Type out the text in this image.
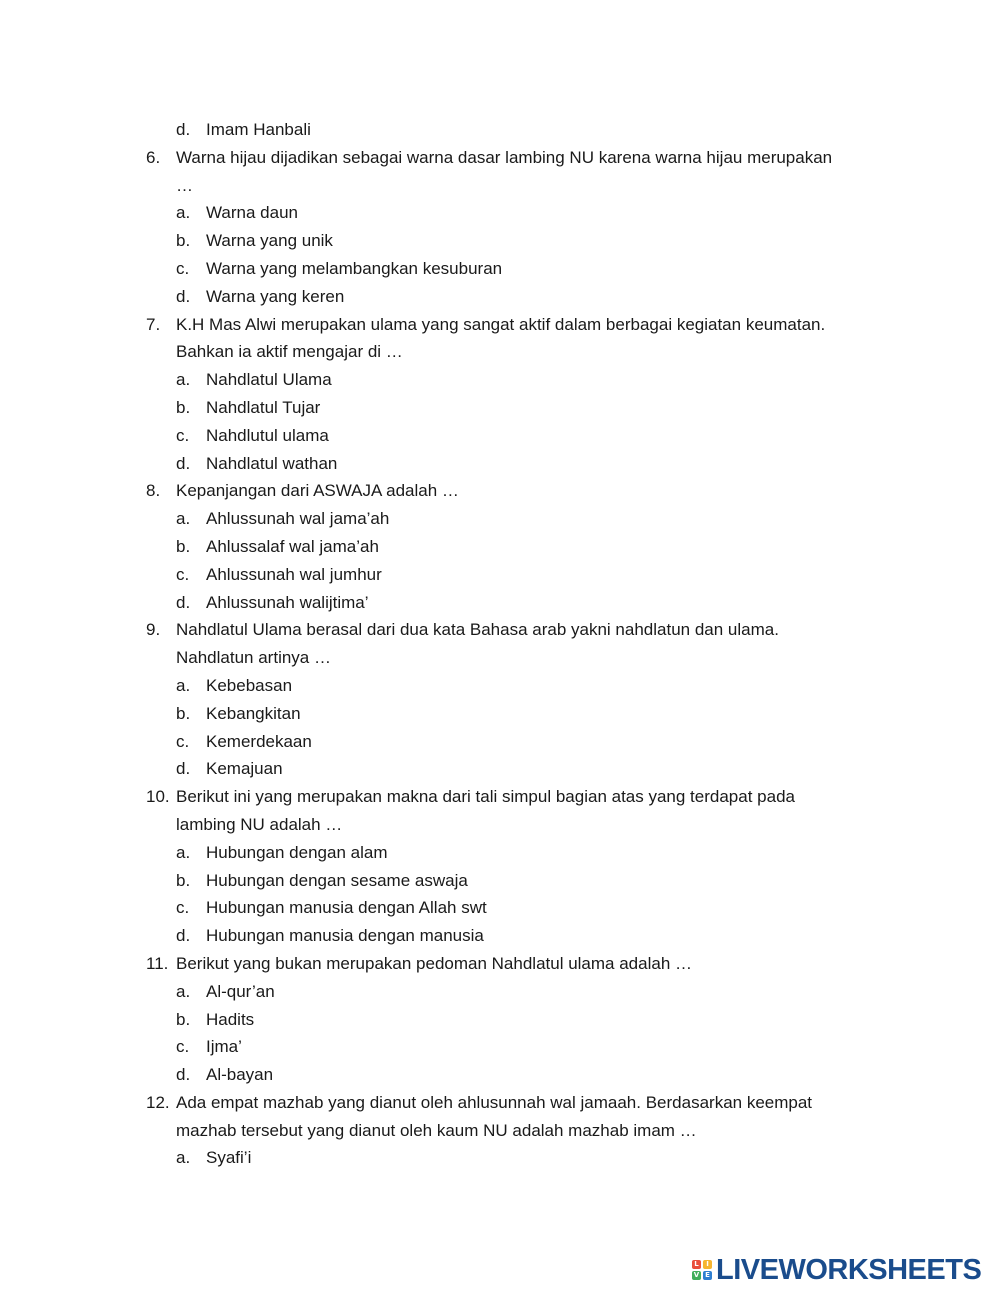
d. Imam Hanbali
6. Warna hijau dijadikan sebagai warna dasar lambing NU karena warna hijau merupakan
…
a. Warna daun
b. Warna yang unik
c. Warna yang melambangkan kesuburan
d. Warna yang keren
7. K.H Mas Alwi merupakan ulama yang sangat aktif dalam berbagai kegiatan keumatan.
Bahkan ia aktif mengajar di …
a. Nahdlatul Ulama
b. Nahdlatul Tujar
c. Nahdlutul ulama
d. Nahdlatul wathan
8. Kepanjangan dari ASWAJA adalah …
a. Ahlussunah wal jama’ah
b. Ahlussalaf wal jama’ah
c. Ahlussunah wal jumhur
d. Ahlussunah walijtima’
9. Nahdlatul Ulama berasal dari dua kata Bahasa arab yakni nahdlatun dan ulama.
Nahdlatun artinya …
a. Kebebasan
b. Kebangkitan
c. Kemerdekaan
d. Kemajuan
10. Berikut ini yang merupakan makna dari tali simpul bagian atas yang terdapat pada
lambing NU adalah …
a. Hubungan dengan alam
b. Hubungan dengan sesame aswaja
c. Hubungan manusia dengan Allah swt
d. Hubungan manusia dengan manusia
11. Berikut yang bukan merupakan pedoman Nahdlatul ulama adalah …
a. Al-qur’an
b. Hadits
c. Ijma’
d. Al-bayan
12. Ada empat mazhab yang dianut oleh ahlusunnah wal jamaah. Berdasarkan keempat
mazhab tersebut yang dianut oleh kaum NU adalah mazhab imam …
a. Syafi’i
L	I
V E LIVEWORKSHEETS
